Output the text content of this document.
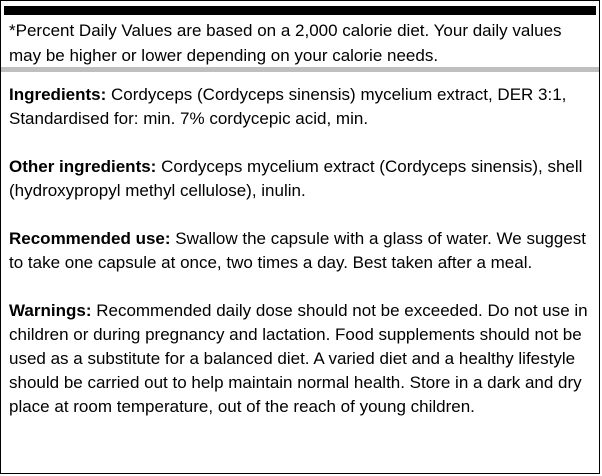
*Percent Daily Values are based on a 2,000 calorie diet. Your daily values may be higher or lower depending on your calorie needs.

Ingredients: Cordyceps (Cordyceps sinensis) mycelium extract, DER 3:1, Standardised for: min. 7% cordycepic acid, min.

Other ingredients: Cordyceps mycelium extract (Cordyceps sinensis), shell (hydroxypropyl methyl cellulose), inulin.

Recommended use: Swallow the capsule with a glass of water. We suggest to take one capsule at once, two times a day. Best taken after a meal.

Warnings: Recommended daily dose should not be exceeded. Do not use in children or during pregnancy and lactation. Food supplements should not be used as a substitute for a balanced diet. A varied diet and a healthy lifestyle should be carried out to help maintain normal health. Store in a dark and dry place at room temperature, out of the reach of young children.
